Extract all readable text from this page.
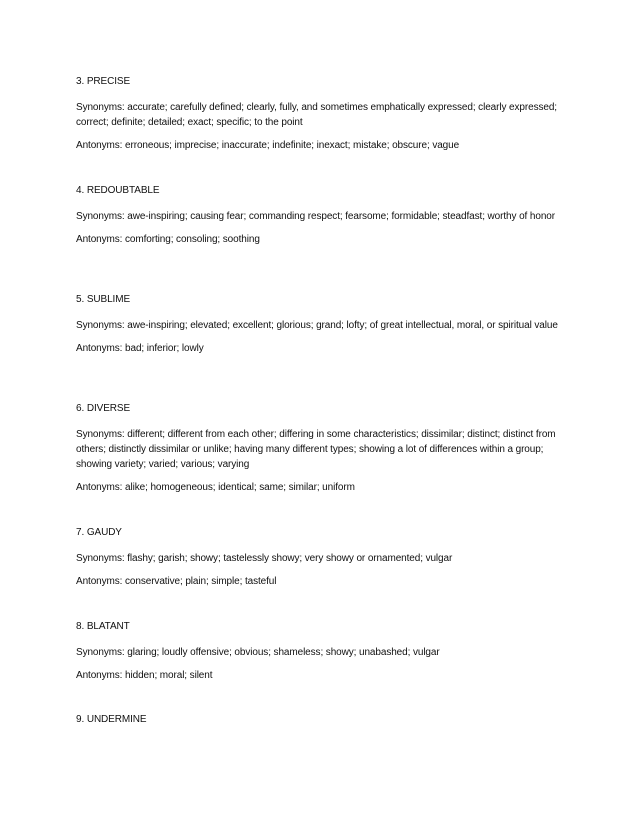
3. PRECISE

Synonyms: accurate; carefully defined; clearly, fully, and sometimes emphatically expressed; clearly expressed; correct; definite; detailed; exact; specific; to the point

Antonyms: erroneous; imprecise; inaccurate; indefinite; inexact; mistake; obscure; vague

4. REDOUBTABLE

Synonyms: awe-inspiring; causing fear; commanding respect; fearsome; formidable; steadfast; worthy of honor

Antonyms: comforting; consoling; soothing

5. SUBLIME

Synonyms: awe-inspiring; elevated; excellent; glorious; grand; lofty; of great intellectual, moral, or spiritual value

Antonyms: bad; inferior; lowly

6. DIVERSE

Synonyms: different; different from each other; differing in some characteristics; dissimilar; distinct; distinct from others; distinctly dissimilar or unlike; having many different types; showing a lot of differences within a group; showing variety; varied; various; varying

Antonyms: alike; homogeneous; identical; same; similar; uniform

7. GAUDY

Synonyms: flashy; garish; showy; tastelessly showy; very showy or ornamented; vulgar

Antonyms: conservative; plain; simple; tasteful

8. BLATANT

Synonyms: glaring; loudly offensive; obvious; shameless; showy; unabashed; vulgar

Antonyms: hidden; moral; silent

9. UNDERMINE
